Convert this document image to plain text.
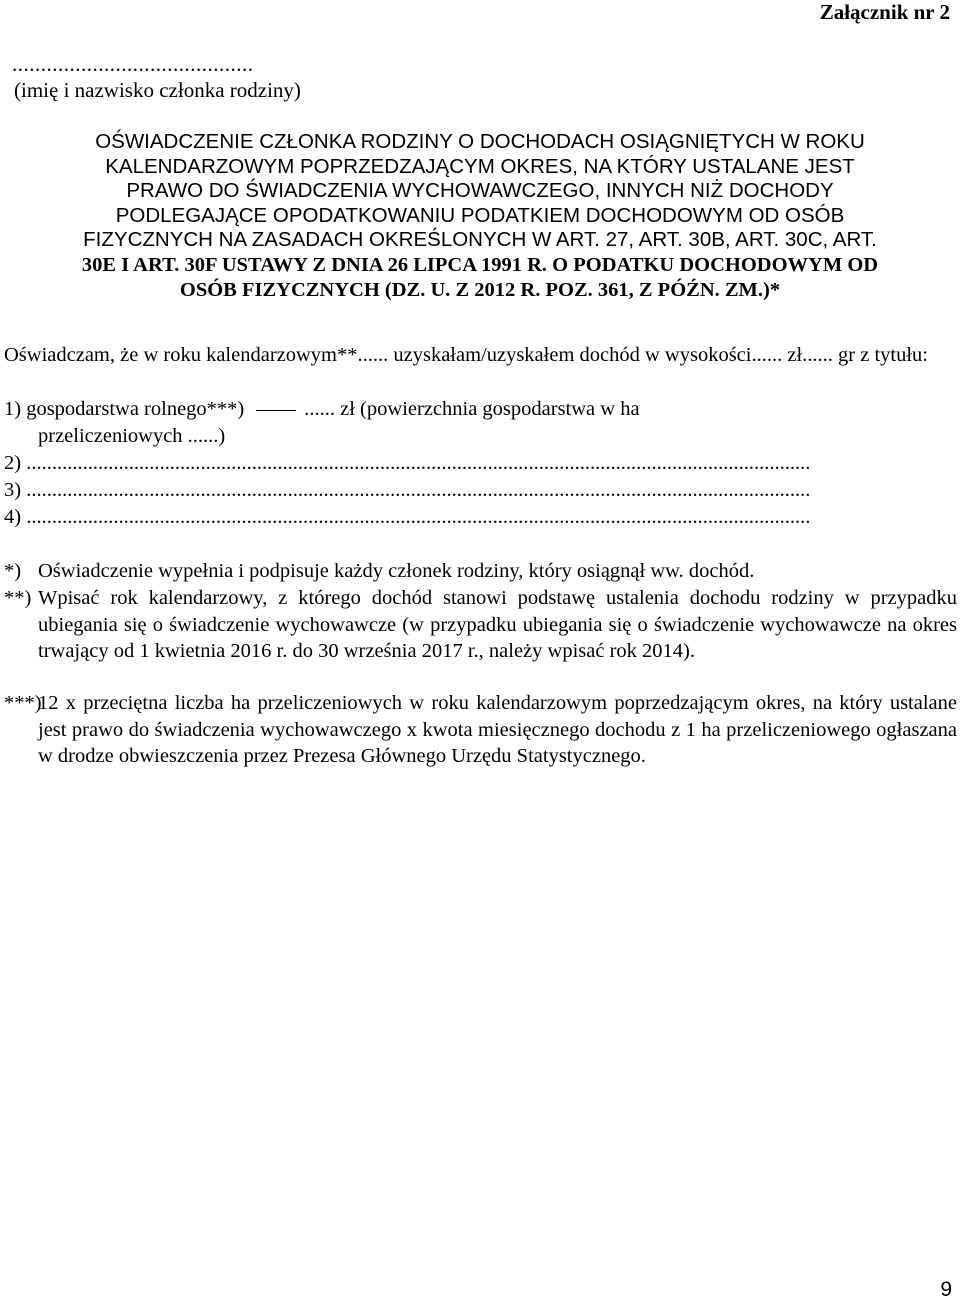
Załącznik nr 2
..........................................
(imię i nazwisko członka rodziny)
OŚWIADCZENIE CZŁONKA RODZINY O DOCHODACH OSIĄGNIĘTYCH W ROKU
KALENDARZOWYM POPRZEDZAJĄCYM OKRES, NA KTÓRY USTALANE JEST
PRAWO DO ŚWIADCZENIA WYCHOWAWCZEGO, INNYCH NIŻ DOCHODY
PODLEGAJĄCE OPODATKOWANIU PODATKIEM DOCHODOWYM OD OSÓB
FIZYCZNYCH NA ZASADACH OKREŚLONYCH W ART. 27, ART. 30B, ART. 30C, ART.
30E I ART. 30F USTAWY Z DNIA 26 LIPCA 1991 R. O PODATKU DOCHODOWYM OD
OSÓB FIZYCZNYCH (DZ. U. Z 2012 R. POZ. 361, Z PÓŹN. ZM.)*
Oświadczam, że w roku kalendarzowym**...... uzyskałam/uzyskałem dochód w wysokości...... zł...... gr z tytułu:
1) gospodarstwa rolnego***)	...... zł (powierzchnia gospodarstwa w ha
przeliczeniowych ......)
2) .........................................................................................................................................................
3) .........................................................................................................................................................
4) .........................................................................................................................................................
*) Oświadczenie wypełnia i podpisuje każdy członek rodziny, który osiągnął ww. dochód.
**) Wpisać rok kalendarzowy, z którego dochód stanowi podstawę ustalenia dochodu rodziny w przypadku ubiegania się o świadczenie wychowawcze (w przypadku ubiegania się o świadczenie wychowawcze na okres trwający od 1 kwietnia 2016 r. do 30 września 2017 r., należy wpisać rok 2014).
***)
12 x przeciętna liczba ha przeliczeniowych w roku kalendarzowym poprzedzającym okres, na który ustalane jest prawo do świadczenia wychowawczego x kwota miesięcznego dochodu z 1 ha przeliczeniowego ogłaszana w drodze obwieszczenia przez Prezesa Głównego Urzędu Statystycznego.
9
